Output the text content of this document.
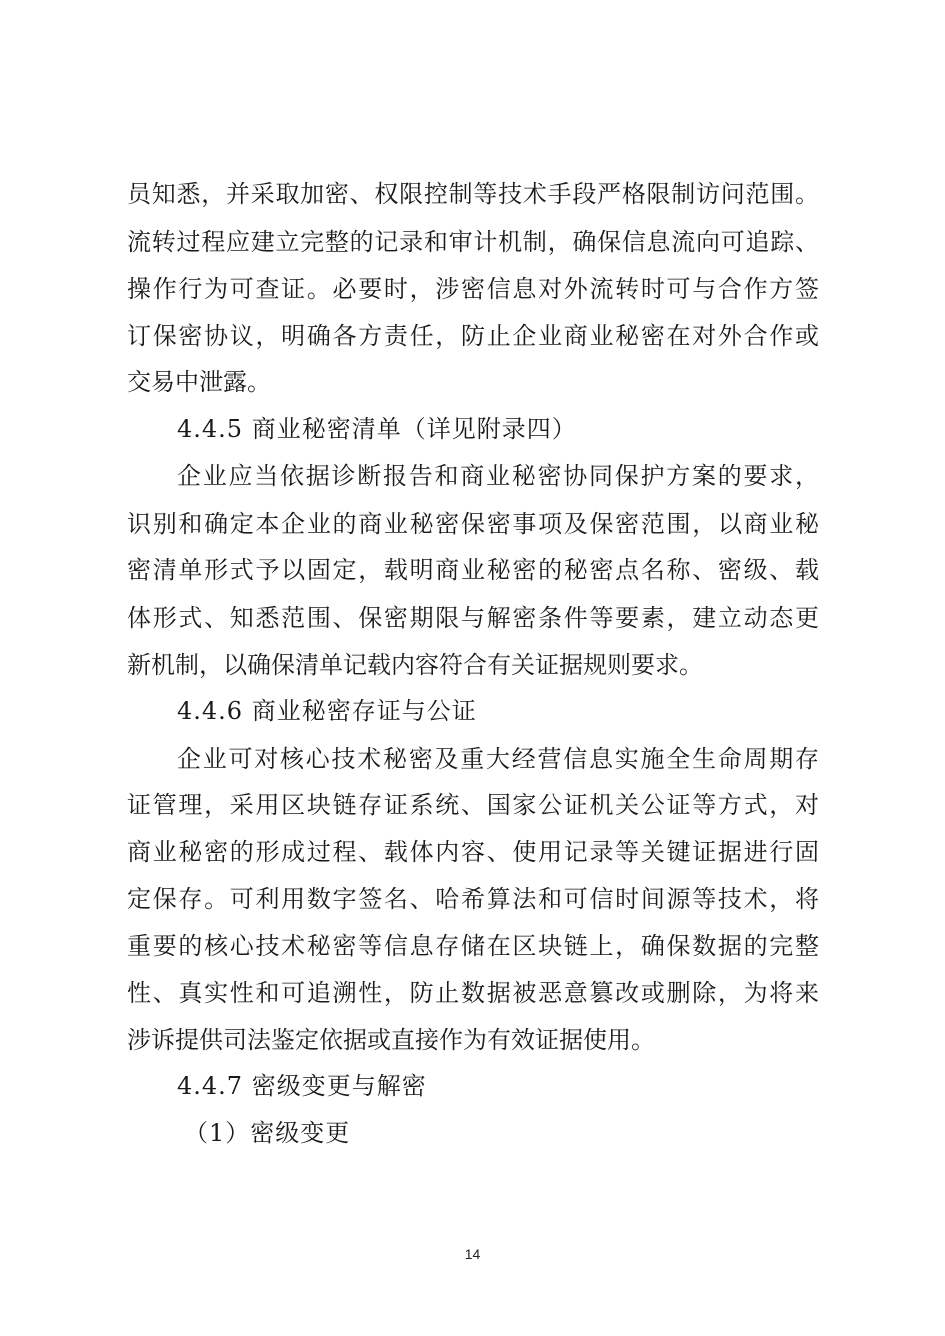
员知悉，并采取加密、权限控制等技术手段严格限制访问范围。
流转过程应建立完整的记录和审计机制，确保信息流向可追踪、
操作行为可查证。必要时，涉密信息对外流转时可与合作方签
订保密协议，明确各方责任，防止企业商业秘密在对外合作或
交易中泄露。
4.4.5 商业秘密清单（详见附录四）
企业应当依据诊断报告和商业秘密协同保护方案的要求，
识别和确定本企业的商业秘密保密事项及保密范围，以商业秘
密清单形式予以固定，载明商业秘密的秘密点名称、密级、载
体形式、知悉范围、保密期限与解密条件等要素，建立动态更
新机制，以确保清单记载内容符合有关证据规则要求。
4.4.6 商业秘密存证与公证
企业可对核心技术秘密及重大经营信息实施全生命周期存
证管理，采用区块链存证系统、国家公证机关公证等方式，对
商业秘密的形成过程、载体内容、使用记录等关键证据进行固
定保存。可利用数字签名、哈希算法和可信时间源等技术，将
重要的核心技术秘密等信息存储在区块链上，确保数据的完整
性、真实性和可追溯性，防止数据被恶意篡改或删除，为将来
涉诉提供司法鉴定依据或直接作为有效证据使用。
4.4.7 密级变更与解密
（1）密级变更
14
